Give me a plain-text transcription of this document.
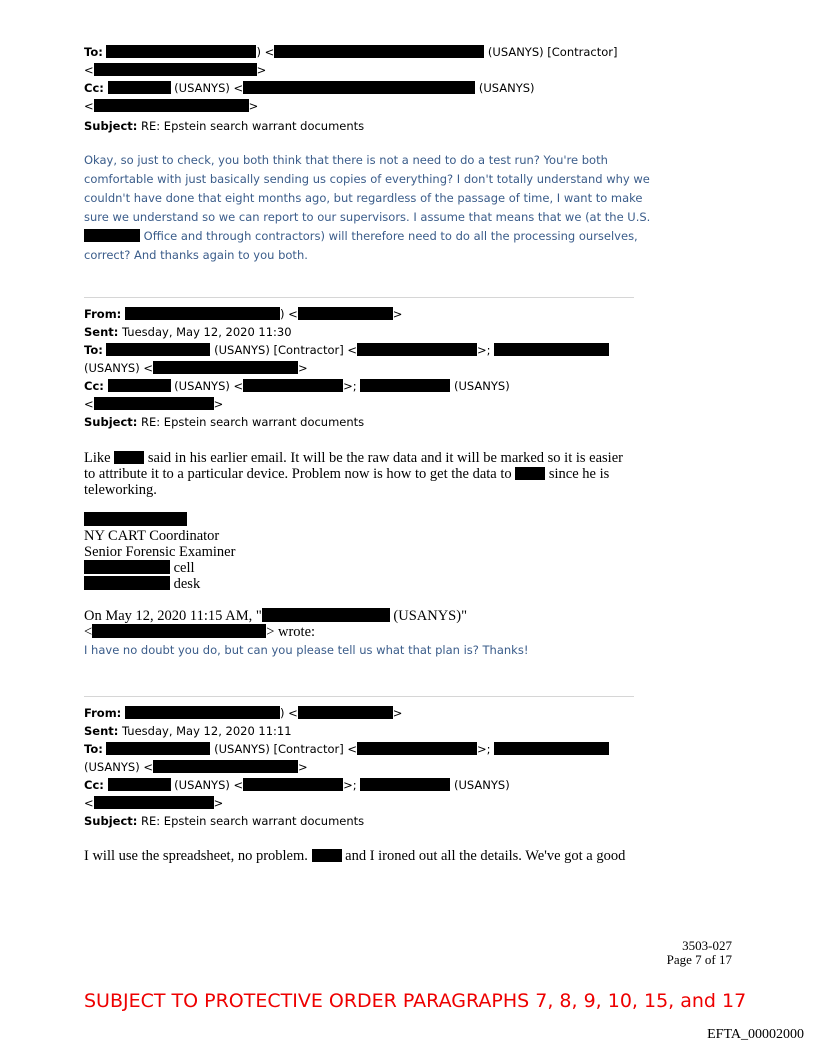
To:	) <	(USANYS) [Contractor]
<	>
Cc:	(USANYS) <	(USANYS)
<	>
Subject: RE: Epstein search warrant documents
Okay, so just to check, you both think that there is not a need to do a test run? You're both
comfortable with just basically sending us copies of everything? I don't totally understand why we
couldn't have done that eight months ago, but regardless of the passage of time, I want to make
sure we understand so we can report to our supervisors. I assume that means that we (at the U.S.
Office and through contractors) will therefore need to do all the processing ourselves,
correct? And thanks again to you both.
From:	) <	>
Sent: Tuesday, May 12, 2020 11:30
To:	(USANYS) [Contractor] <	>;
(USANYS) <	>
Cc:	(USANYS) <	>;	(USANYS)
<	>
Subject: RE: Epstein search warrant documents
Like	said in his earlier email. It will be the raw data and it will be marked so it is easier
to attribute it to a particular device. Problem now is how to get the data to	since he is
teleworking.
NY CART Coordinator
Senior Forensic Examiner
cell
desk
On May 12, 2020 11:15 AM, "	(USANYS)"
<	> wrote:
I have no doubt you do, but can you please tell us what that plan is? Thanks!
From:	) <	>
Sent: Tuesday, May 12, 2020 11:11
To:	(USANYS) [Contractor] <	>;
(USANYS) <	>
Cc:	(USANYS) <	>;	(USANYS)
<	>
Subject: RE: Epstein search warrant documents
I will use the spreadsheet, no problem.	and I ironed out all the details. We've got a good
3503-027
Page 7 of 17
SUBJECT TO PROTECTIVE ORDER PARAGRAPHS 7, 8, 9, 10, 15, and 17
EFTA_00002000
